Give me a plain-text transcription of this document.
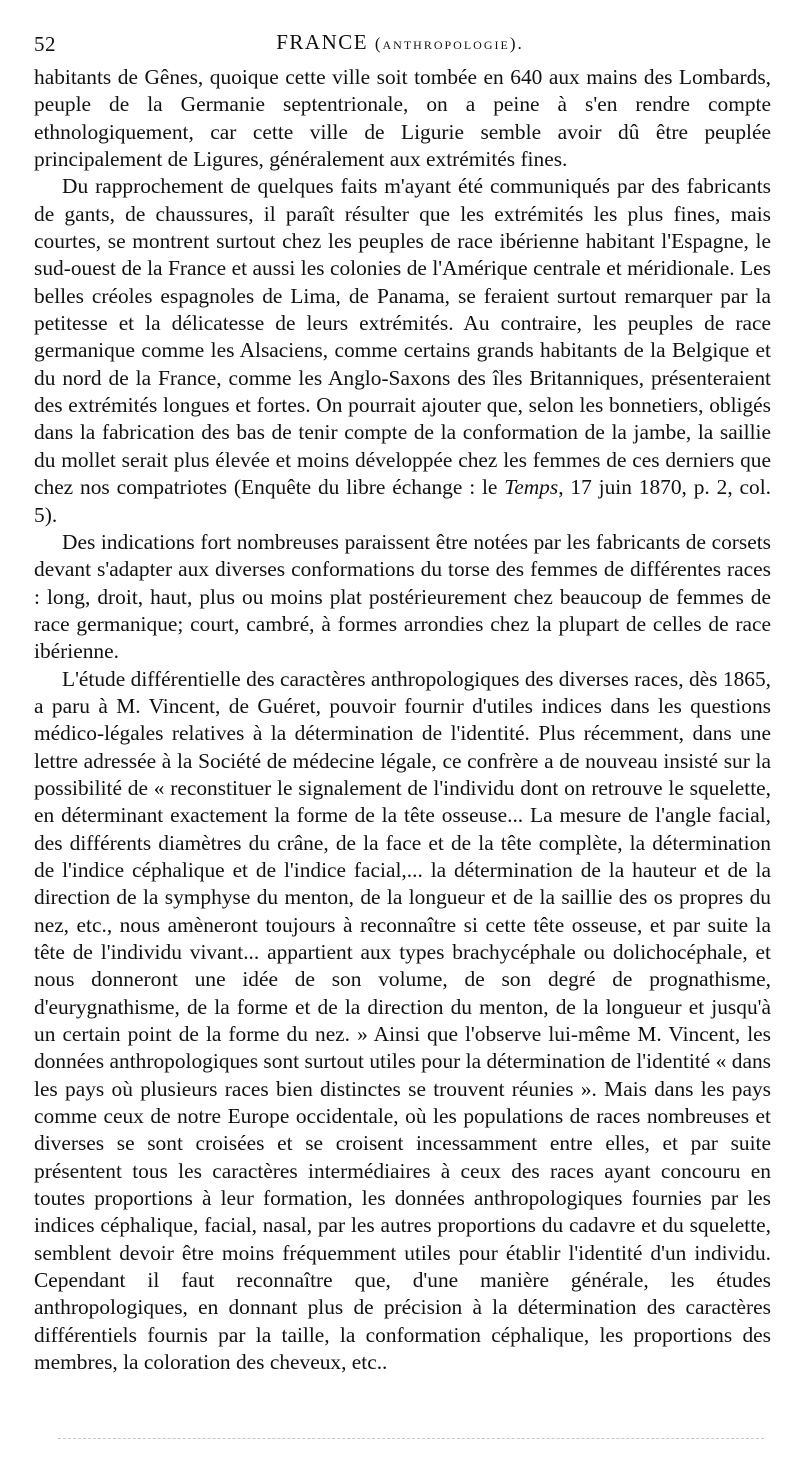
52	FRANCE (anthropologie).

habitants de Gênes, quoique cette ville soit tombée en 640 aux mains des Lombards, peuple de la Germanie septentrionale, on a peine à s'en rendre compte ethnologiquement, car cette ville de Ligurie semble avoir dû être peuplée principalement de Ligures, généralement aux extrémités fines.

Du rapprochement de quelques faits m'ayant été communiqués par des fabricants de gants, de chaussures, il paraît résulter que les extrémités les plus fines, mais courtes, se montrent surtout chez les peuples de race ibérienne habitant l'Espagne, le sud-ouest de la France et aussi les colonies de l'Amérique centrale et méridionale. Les belles créoles espagnoles de Lima, de Panama, se feraient surtout remarquer par la petitesse et la délicatesse de leurs extrémités. Au contraire, les peuples de race germanique comme les Alsaciens, comme certains grands habitants de la Belgique et du nord de la France, comme les Anglo-Saxons des îles Britanniques, présenteraient des extrémités longues et fortes. On pourrait ajouter que, selon les bonnetiers, obligés dans la fabrication des bas de tenir compte de la conformation de la jambe, la saillie du mollet serait plus élevée et moins développée chez les femmes de ces derniers que chez nos compatriotes (Enquête du libre échange : le Temps, 17 juin 1870, p. 2, col. 5).

Des indications fort nombreuses paraissent être notées par les fabricants de corsets devant s'adapter aux diverses conformations du torse des femmes de différentes races : long, droit, haut, plus ou moins plat postérieurement chez beaucoup de femmes de race germanique; court, cambré, à formes arrondies chez la plupart de celles de race ibérienne.

L'étude différentielle des caractères anthropologiques des diverses races, dès 1865, a paru à M. Vincent, de Guéret, pouvoir fournir d'utiles indices dans les questions médico-légales relatives à la détermination de l'identité. Plus récemment, dans une lettre adressée à la Société de médecine légale, ce confrère a de nouveau insisté sur la possibilité de « reconstituer le signalement de l'individu dont on retrouve le squelette, en déterminant exactement la forme de la tête osseuse... La mesure de l'angle facial, des différents diamètres du crâne, de la face et de la tête complète, la détermination de l'indice céphalique et de l'indice facial,... la détermination de la hauteur et de la direction de la symphyse du menton, de la longueur et de la saillie des os propres du nez, etc., nous amèneront toujours à reconnaître si cette tête osseuse, et par suite la tête de l'individu vivant... appartient aux types brachycéphale ou dolichocéphale, et nous donneront une idée de son volume, de son degré de prognathisme, d'eurygnathisme, de la forme et de la direction du menton, de la longueur et jusqu'à un certain point de la forme du nez. » Ainsi que l'observe lui-même M. Vincent, les données anthropologiques sont surtout utiles pour la détermination de l'identité « dans les pays où plusieurs races bien distinctes se trouvent réunies ». Mais dans les pays comme ceux de notre Europe occidentale, où les populations de races nombreuses et diverses se sont croisées et se croisent incessamment entre elles, et par suite présentent tous les caractères intermédiaires à ceux des races ayant concouru en toutes proportions à leur formation, les données anthropologiques fournies par les indices céphalique, facial, nasal, par les autres proportions du cadavre et du squelette, semblent devoir être moins fréquemment utiles pour établir l'identité d'un individu. Cependant il faut reconnaître que, d'une manière générale, les études anthropologiques, en donnant plus de précision à la détermination des caractères différentiels fournis par la taille, la conformation céphalique, les proportions des membres, la coloration des cheveux, etc..
